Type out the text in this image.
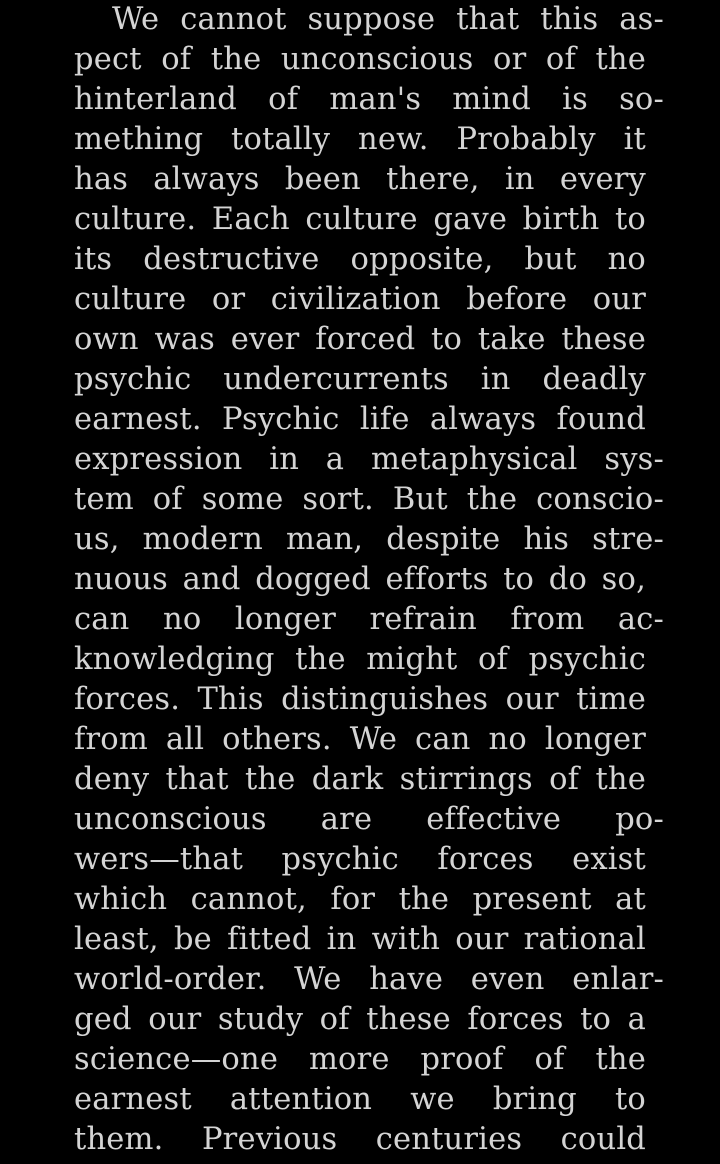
We cannot suppose that this as-
pect of the unconscious or of the
hinterland of man's mind is so-
mething totally new. Probably it
has always been there, in every
culture. Each culture gave birth to
its destructive opposite, but no
culture or civilization before our
own was ever forced to take these
psychic undercurrents in deadly
earnest. Psychic life always found
expression in a metaphysical sys-
tem of some sort. But the conscio-
us, modern man, despite his stre-
nuous and dogged efforts to do so,
can no longer refrain from ac-
knowledging the might of psychic
forces. This distinguishes our time
from all others. We can no longer
deny that the dark stirrings of the
unconscious are effective po-
wers—that psychic forces exist
which cannot, for the present at
least, be fitted in with our rational
world-order. We have even enlar-
ged our study of these forces to a
science—one more proof of the
earnest attention we bring to
them. Previous centuries could
